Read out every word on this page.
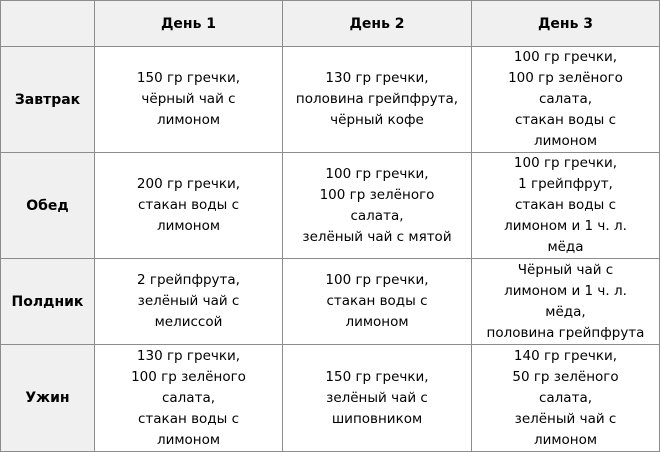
	День 1	День 2	День 3
Завтрак	150 гр гречки,
чёрный чай с
лимоном	130 гр гречки,
половина грейпфрута,
чёрный кофе	100 гр гречки,
100 гр зелёного
салата,
стакан воды с
лимоном

Обед	200 гр гречки,
стакан воды с
лимоном	100 гр гречки,
100 гр зелёного
салата,
зелёный чай с мятой	100 гр гречки,
1 грейпфрут,
стакан воды с
лимоном и 1 ч. л.
мёда

Полдник	2 грейпфрута,
зелёный чай с
мелиссой	100 гр гречки,
стакан воды с
лимоном	Чёрный чай с
лимоном и 1 ч. л.
мёда,
половина грейпфрута

Ужин	130 гр гречки,
100 гр зелёного
салата,
стакан воды с
лимоном	150 гр гречки,
зелёный чай с
шиповником	140 гр гречки,
50 гр зелёного
салата,
зелёный чай с
лимоном
